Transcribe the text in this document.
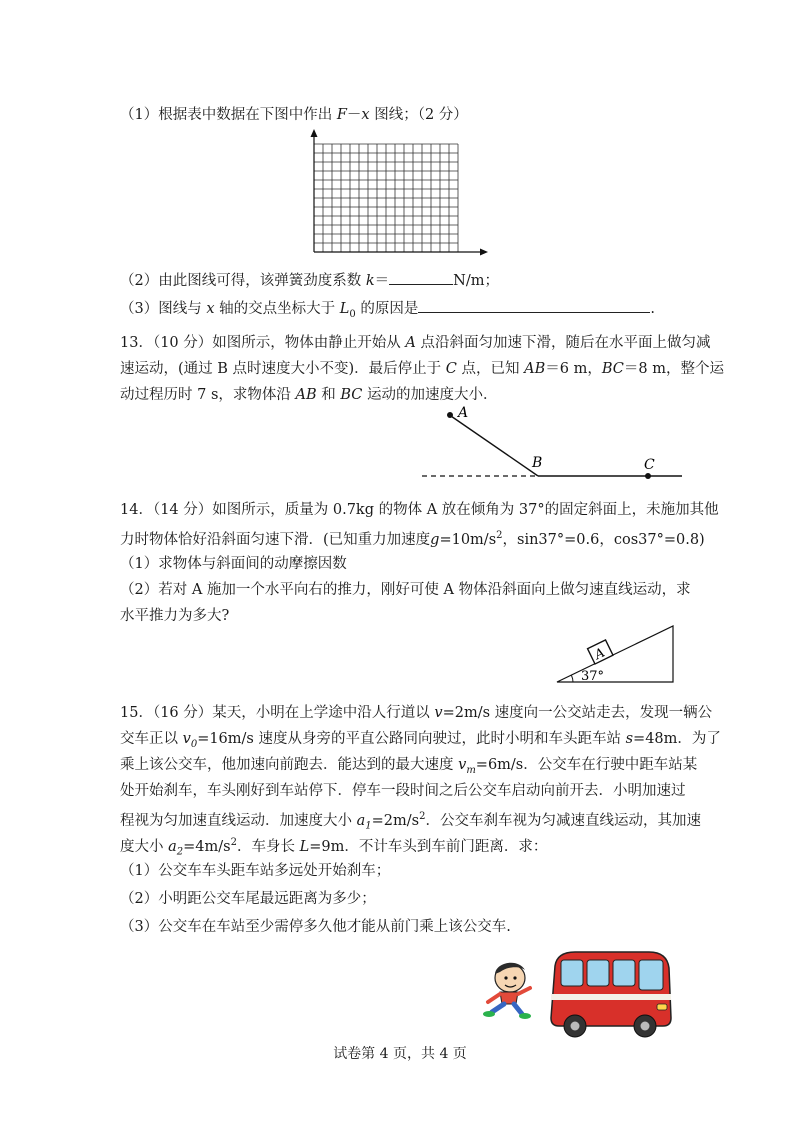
（1）根据表中数据在下图中作出 F－x 图线；（2 分）
（2）由此图线可得，该弹簧劲度系数 k＝	N/m；
（3）图线与 x 轴的交点坐标大于 $L_0$ 的原因是	.
13．（10 分）如图所示，物体由静止开始从 A 点沿斜面匀加速下滑，随后在水平面上做匀减
速运动，(通过 B 点时速度大小不变)．最后停止于 C 点，已知 AB＝6 m，BC＝8 m，整个运
动过程历时 7 s，求物体沿 AB 和 BC 运动的加速度大小．
A
B	C
14．（14 分）如图所示，质量为 0.7kg 的物体 A 放在倾角为 37°的固定斜面上，未施加其他
力时物体恰好沿斜面匀速下滑．(已知重力加速度$g=10m/s^2$，sin37°=0.6，cos37°=0.8)
（1）求物体与斜面间的动摩擦因数
（2）若对 A 施加一个水平向右的推力，刚好可使 A 物体沿斜面向上做匀速直线运动，求
水平推力为多大?
A
37°
15．（16 分）某天，小明在上学途中沿人行道以 v=2m/s 速度向一公交站走去，发现一辆公
交车正以 $v_0=16m/s$ 速度从身旁的平直公路同向驶过，此时小明和车头距车站 s=48m．为了
乘上该公交车，他加速向前跑去．能达到的最大速度 $v_m=6m/s$．公交车在行驶中距车站某
处开始刹车，车头刚好到车站停下．停车一段时间之后公交车启动向前开去．小明加速过
程视为匀加速直线运动．加速度大小 $a_1=2m/s^2$．公交车刹车视为匀减速直线运动，其加速
度大小 $a_2=4m/s^2$．车身长 L=9m．不计车头到车前门距离．求：
（1）公交车车头距车站多远处开始刹车；
（2）小明距公交车尾最远距离为多少；
（3）公交车在车站至少需停多久他才能从前门乘上该公交车.
试卷第 4 页，共 4 页
